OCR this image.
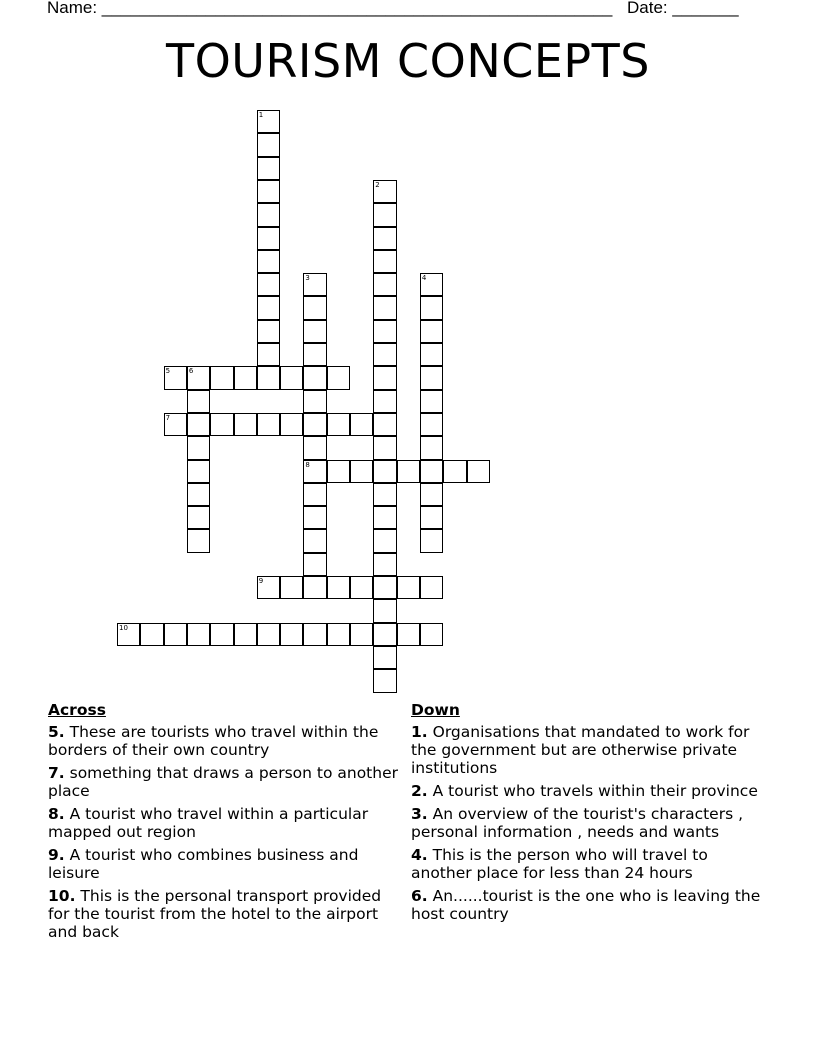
Name: ______________________________________________________ Date: _______
TOURISM CONCEPTS
1
2
3
8
4
5	6
7
9
10
Across
5. These are tourists who travel within the borders of their own country
7. something that draws a person to another place
8. A tourist who travel within a particular mapped out region
9. A tourist who combines business and leisure
10. This is the personal transport provided for the tourist from the hotel to the airport and back
Down
1. Organisations that mandated to work for the government but are otherwise private institutions
2. A tourist who travels within their province
3. An overview of the tourist's characters , personal information , needs and wants
4. This is the person who will travel to another place for less than 24 hours
6. An......tourist is the one who is leaving the host country
